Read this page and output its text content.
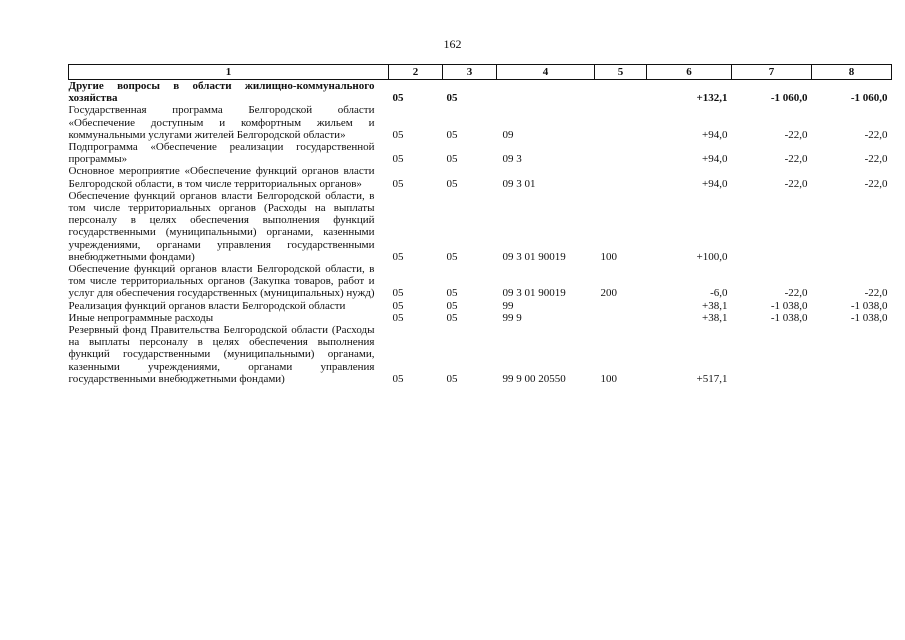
162
1	2	3	4	5	6	7	8
Другие вопросы в области жилищно-коммунального хозяйства	05	05			+132,1	-1 060,0	-1 060,0
Государственная программа Белгородской области «Обеспечение доступным и комфортным жильем и коммунальными услугами жителей Белгородской области»	05	05	09		+94,0	-22,0	-22,0
Подпрограмма «Обеспечение реализации государственной программы»	05	05	09 3		+94,0	-22,0	-22,0
Основное мероприятие «Обеспечение функций органов власти Белгородской области, в том числе территориальных органов»	05	05	09 3 01		+94,0	-22,0	-22,0
Обеспечение функций органов власти Белгородской области, в том числе территориальных органов (Расходы на выплаты персоналу в целях обеспечения выполнения функций государственными (муниципальными) органами, казенными учреждениями, органами управления государственными внебюджетными фондами)	05	05	09 3 01 90019	100	+100,0		
Обеспечение функций органов власти Белгородской области, в том числе территориальных органов (Закупка товаров, работ и услуг для обеспечения государственных (муниципальных) нужд)	05	05	09 3 01 90019	200	-6,0	-22,0	-22,0
Реализация функций органов власти Белгородской области	05	05	99		+38,1	-1 038,0	-1 038,0
Иные непрограммные расходы	05	05	99 9		+38,1	-1 038,0	-1 038,0
Резервный фонд Правительства Белгородской области (Расходы на выплаты персоналу в целях обеспечения выполнения функций государственными (муниципальными) органами, казенными учреждениями, органами управления государственными внебюджетными фондами)	05	05	99 9 00 20550	100	+517,1		
